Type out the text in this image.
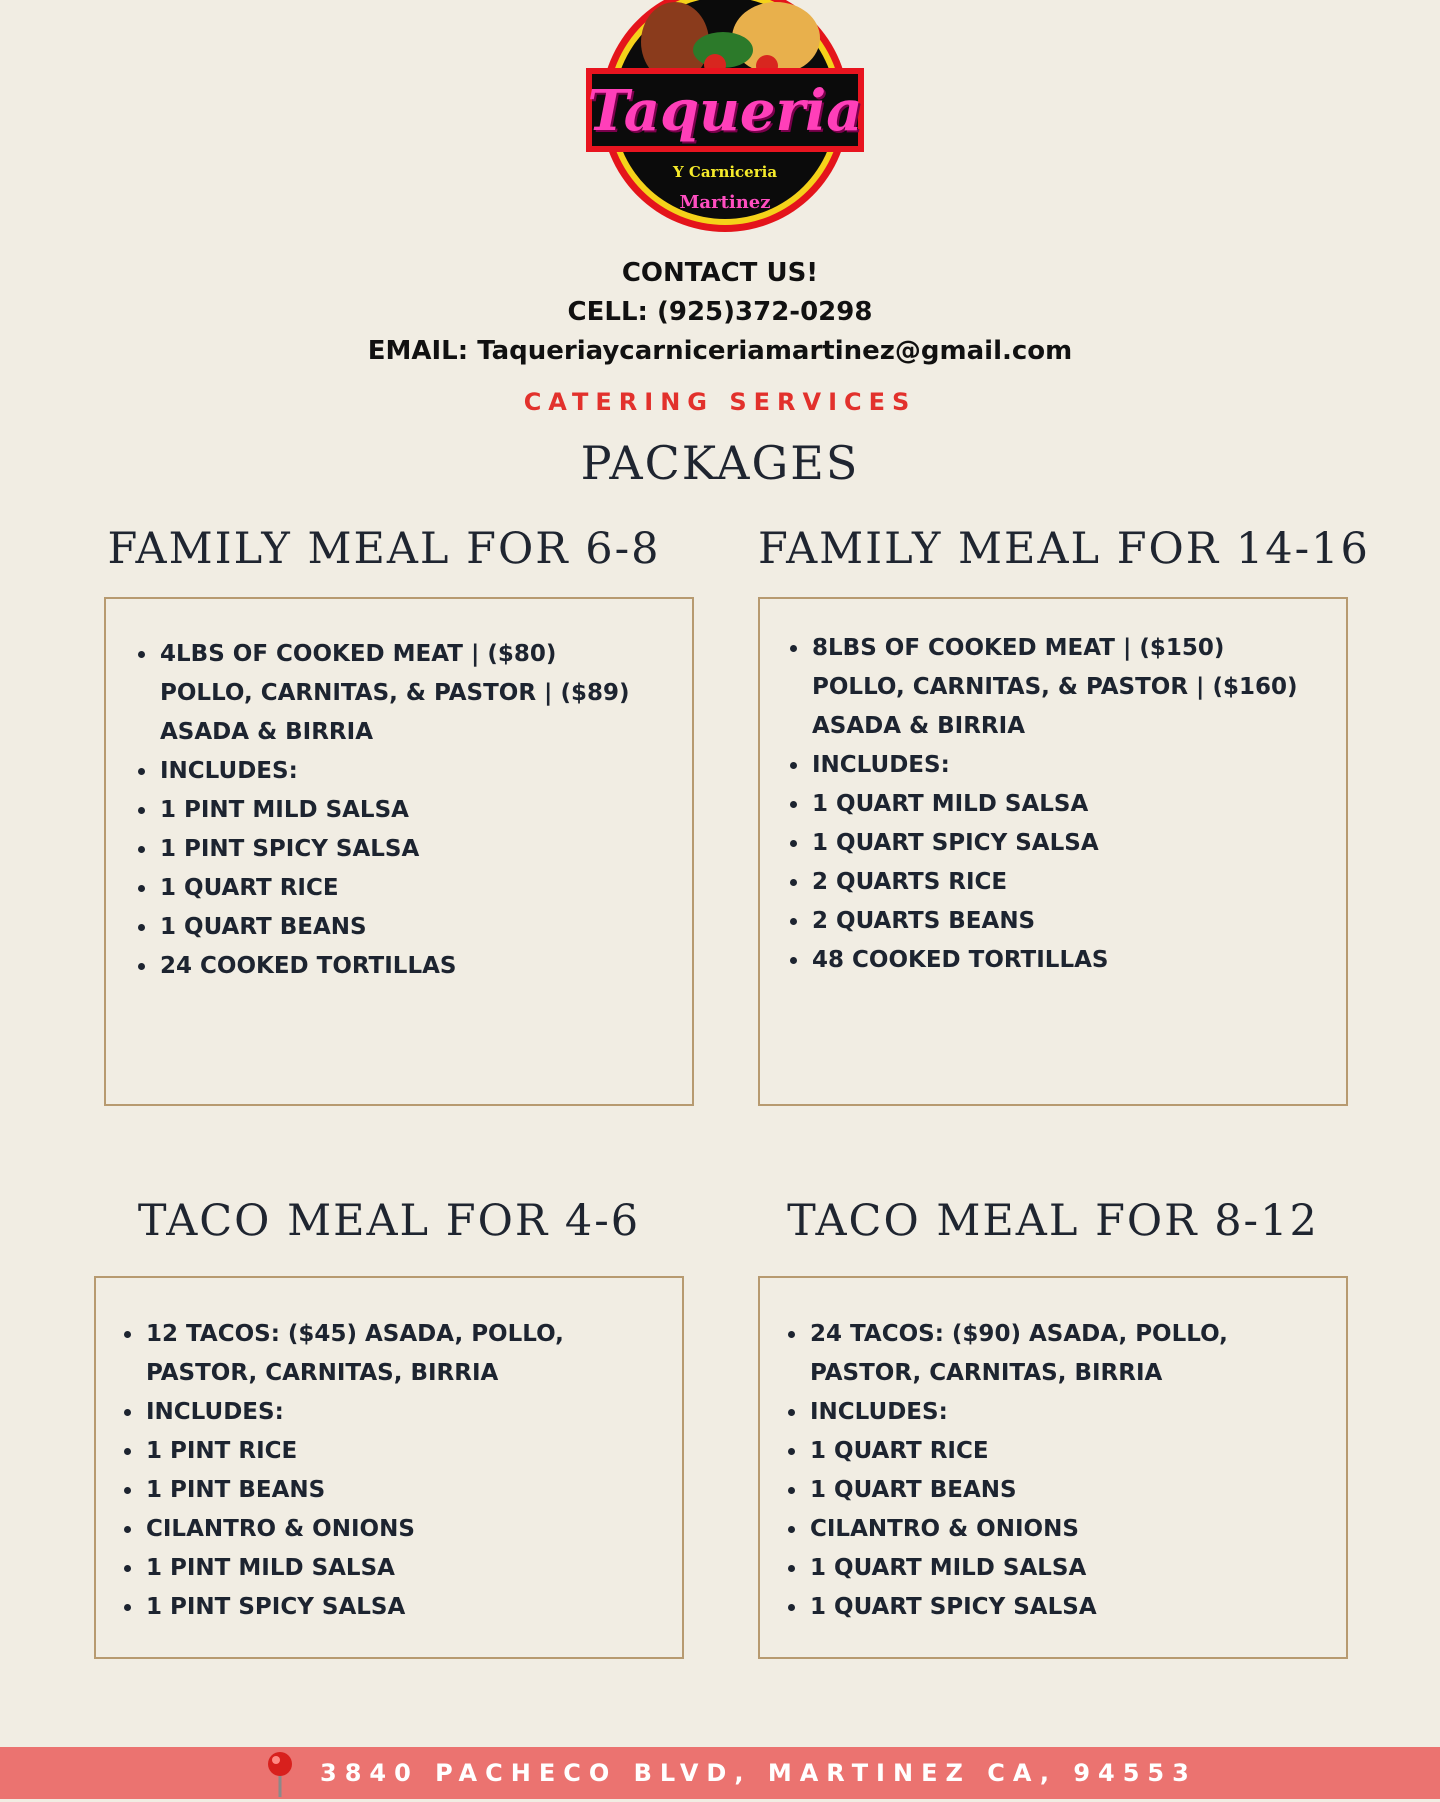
Taqueria
Y Carniceria
Martinez
CONTACT US!
CELL: (925)372-0298
EMAIL: Taqueriaycarniceriamartinez@gmail.com
CATERING SERVICES
PACKAGES
FAMILY MEAL FOR 6-8
• 4LBS OF COOKED MEAT | ($80) POLLO, CARNITAS, & PASTOR | ($89) ASADA & BIRRIA
• INCLUDES:
• 1 PINT MILD SALSA
• 1 PINT SPICY SALSA
• 1 QUART RICE
• 1 QUART BEANS
• 24 COOKED TORTILLAS
FAMILY MEAL FOR 14-16
• 8LBS OF COOKED MEAT | ($150) POLLO, CARNITAS, & PASTOR | ($160) ASADA & BIRRIA
• INCLUDES:
• 1 QUART MILD SALSA
• 1 QUART SPICY SALSA
• 2 QUARTS RICE
• 2 QUARTS BEANS
• 48 COOKED TORTILLAS
TACO MEAL FOR 4-6
• 12 TACOS: ($45) ASADA, POLLO, PASTOR, CARNITAS, BIRRIA
• INCLUDES:
• 1 PINT RICE
• 1 PINT BEANS
• CILANTRO & ONIONS
• 1 PINT MILD SALSA
• 1 PINT SPICY SALSA
TACO MEAL FOR 8-12
• 24 TACOS: ($90) ASADA, POLLO, PASTOR, CARNITAS, BIRRIA
• INCLUDES:
• 1 QUART RICE
• 1 QUART BEANS
• CILANTRO & ONIONS
• 1 QUART MILD SALSA
• 1 QUART SPICY SALSA
3840 PACHECO BLVD, MARTINEZ CA, 94553
